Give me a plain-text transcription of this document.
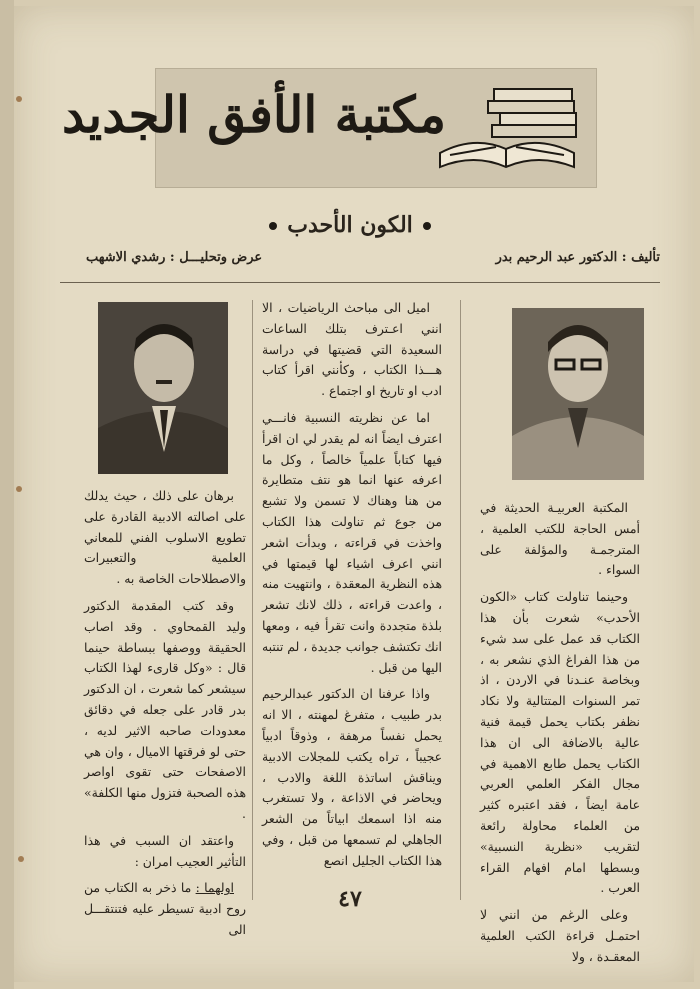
مكتبة الأفق الجديد
الكون الأحدب
تأليف : الدكتور عبد الرحيم بدر
عرض وتحليـــل : رشدي الاشهب

المكتبة العربيـة الحديثة في أمس الحاجة للكتب العلمية ، المترجمـة والمؤلفة على السواء .

وحينما تناولت كتاب «الكون الأحدب» شعرت بأن هذا الكتاب قد عمل على سد شيء من هذا الفراغ الذي نشعر به ، وبخاصة عنـدنا في الاردن ، اذ تمر السنوات المتتالية ولا نكاد نظفر بكتاب يحمل قيمة فنية عالية بالاضافة الى ان هذا الكتاب يحمل طابع الاهمية في مجال الفكر العلمي العربي عامة ايضاً ، فقد اعتبره كثير من العلماء محاولة رائعة لتقريب «نظرية النسبية» وبسطها امام افهام القراء العرب .

وعلى الرغم من انني لا احتمـل قراءة الكتب العلمية المعقـدة ، ولا

اميل الى مباحث الرياضيات ، الا انني اعـترف بتلك الساعات السعيدة التي قضيتها في دراسة هـــذا الكتاب ، وكأنني اقرأ كتاب ادب او تاريخ او اجتماع .

اما عن نظريته النسبية فانـــي اعترف ايضاً انه لم يقدر لي ان اقرأ فيها كتاباً علمياً خالصاً ، وكل ما اعرفه عنها انما هو نتف متطايرة من هنا وهناك لا تسمن ولا تشبع من جوع ثم تناولت هذا الكتاب واخذت في قراءته ، وبدأت اشعر انني اعرف اشياء لها قيمتها في هذه النظرية المعقدة ، وانتهيت منه ، واعدت قراءته ، ذلك لانك تشعر بلذة متجددة وانت تقرأ فيه ، ومعها انك تكتشف جوانب جديدة ، لم تنتبه اليها من قبل .

واذا عرفنا ان الدكتور عبدالرحيم بدر طبيب ، متفرغ لمهنته ، الا انه يحمل نفساً مرهفة ، وذوقاً ادبياً عجيباً ، تراه يكتب للمجلات الادبية ويناقش اساتذة اللغة والادب ، ويحاضر في الاذاعة ، ولا تستغرب منه اذا اسمعك ابياتاً من الشعر الجاهلي لم تسمعها من قبل ، وفي هذا الكتاب الجليل انصع

برهان على ذلك ، حيث يدلك على اصالته الادبية القادرة على تطويع الاسلوب الفني للمعاني العلمية والتعبيرات والاصطلاحات الخاصة به .

وقد كتب المقدمة الدكتور وليد القمحاوي . وقد اصاب الحقيقة ووصفها ببساطة حينما قال : «وكل قارىء لهذا الكتاب سيشعر كما شعرت ، ان الدكتور بدر قادر على جعله في دقائق معدودات صاحبه الاثير لديه ، حتى لو فرقتها الاميال ، وان هي الاصفحات حتى تقوى اواصر هذه الصحبة فتزول منها الكلفة» .

واعتقد ان السبب في هذا التأثير العجيب امران :

اولهما : ما ذخر به الكتاب من روح ادبية تسيطر عليه فتنتقـــل الى

٤٧
